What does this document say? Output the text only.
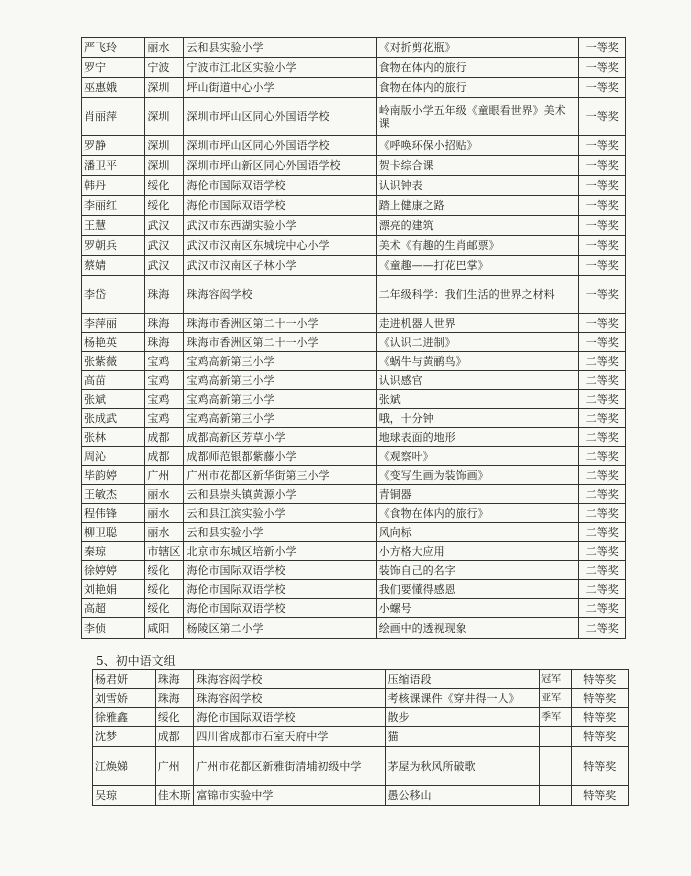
严飞玲	丽水	云和县实验小学	《对折剪花瓶》	一等奖
罗宁	宁波	宁波市江北区实验小学	食物在体内的旅行	一等奖
巫惠娥	深圳	坪山街道中心小学	食物在体内的旅行	一等奖
肖丽萍	深圳	深圳市坪山区同心外国语学校	岭南版小学五年级《童眼看世界》美术课	一等奖
罗静	深圳	深圳市坪山区同心外国语学校	《呼唤环保小招贴》	一等奖
潘卫平	深圳	深圳市坪山新区同心外国语学校	贺卡综合课	一等奖
韩丹	绥化	海伦市国际双语学校	认识钟表	一等奖
李丽红	绥化	海伦市国际双语学校	踏上健康之路	一等奖
王慧	武汉	武汉市东西湖实验小学	漂亮的建筑	一等奖
罗朝兵	武汉	武汉市汉南区东城垸中心小学	美术《有趣的生肖邮票》	一等奖
蔡婧	武汉	武汉市汉南区子林小学	《童趣——打花巴掌》	一等奖
李岱	珠海	珠海容闳学校	二年级科学：我们生活的世界之材料	一等奖
李萍丽	珠海	珠海市香洲区第二十一小学	走进机器人世界	一等奖
杨艳英	珠海	珠海市香洲区第二十一小学	《认识二进制》	一等奖
张紫薇	宝鸡	宝鸡高新第三小学	《蜗牛与黄鹂鸟》	二等奖
高苗	宝鸡	宝鸡高新第三小学	认识感官	二等奖
张斌	宝鸡	宝鸡高新第三小学	张斌	二等奖
张成武	宝鸡	宝鸡高新第三小学	哦，十分钟	二等奖
张林	成都	成都高新区芳草小学	地球表面的地形	二等奖
周沁	成都	成都师范银都紫藤小学	《观察叶》	二等奖
毕韵婷	广州	广州市花都区新华街第三小学	《变写生画为装饰画》	二等奖
王敏杰	丽水	云和县崇头镇黄源小学	青铜器	二等奖
程伟锋	丽水	云和县江滨实验小学	《食物在体内的旅行》	二等奖
柳卫聪	丽水	云和县实验小学	风向标	二等奖
秦琼	市辖区	北京市东城区培新小学	小方格大应用	二等奖
徐婷婷	绥化	海伦市国际双语学校	装饰自己的名字	二等奖
刘艳娟	绥化	海伦市国际双语学校	我们要懂得感恩	二等奖
高超	绥化	海伦市国际双语学校	小螺号	二等奖
李侦	咸阳	杨陵区第二小学	绘画中的透视现象	二等奖
5、初中语文组
杨君妍	珠海	珠海容闳学校	压缩语段	冠军	特等奖
刘雪娇	珠海	珠海容闳学校	考核课课件《穿井得一人》	亚军	特等奖
徐雅鑫	绥化	海伦市国际双语学校	散步	季军	特等奖
沈梦	成都	四川省成都市石室天府中学	猫		特等奖
江焕娣	广州	广州市花都区新雅街清埔初级中学	茅屋为秋风所破歌		特等奖
吴琼	佳木斯	富锦市实验中学	愚公移山		特等奖
